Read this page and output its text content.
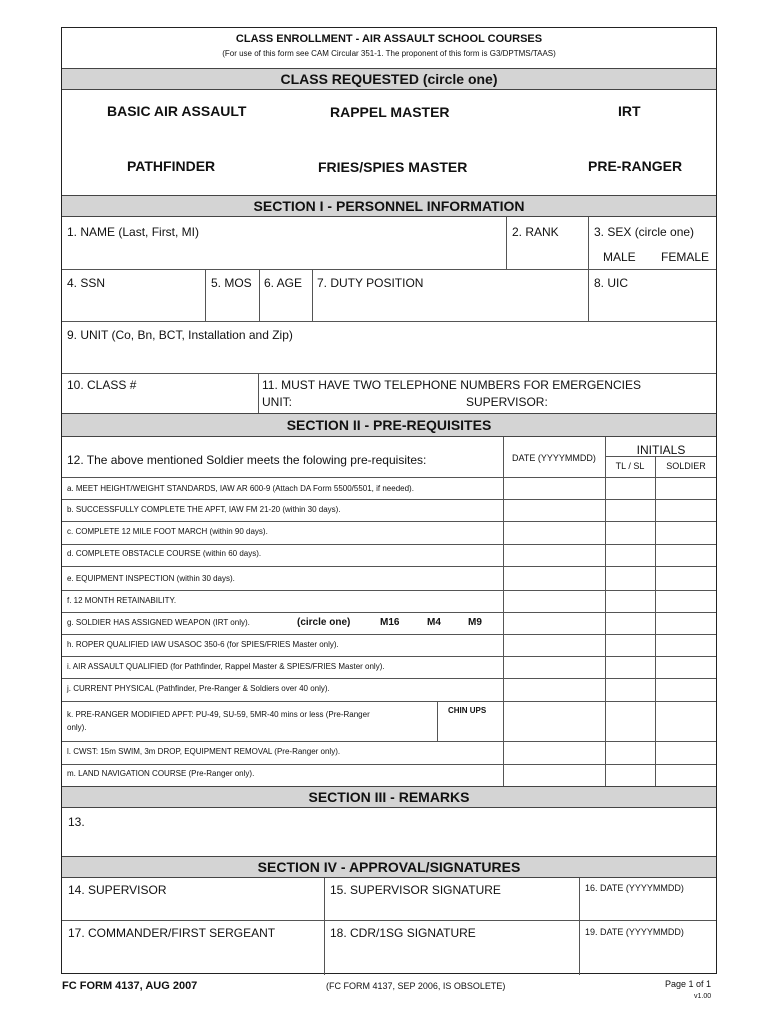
CLASS ENROLLMENT - AIR ASSAULT SCHOOL COURSES
(For use of this form see CAM Circular 351-1. The proponent of this form is G3/DPTMS/TAAS)
CLASS REQUESTED (circle one)
BASIC AIR ASSAULT	RAPPEL MASTER	IRT
PATHFINDER	FRIES/SPIES MASTER	PRE-RANGER
SECTION I - PERSONNEL INFORMATION
1. NAME (Last, First, MI)	2. RANK	3. SEX (circle one)
MALE FEMALE
4. SSN	5. MOS 6. AGE 7. DUTY POSITION	8. UIC
9. UNIT (Co, Bn, BCT, Installation and Zip)
10. CLASS #	11. MUST HAVE TWO TELEPHONE NUMBERS FOR EMERGENCIES
UNIT:	SUPERVISOR:
SECTION II - PRE-REQUISITES
12. The above mentioned Soldier meets the folowing pre-requisites:	DATE (YYYYMMDD)
INITIALS
TL / SL	SOLDIER
a. MEET HEIGHT/WEIGHT STANDARDS, IAW AR 600-9 (Attach DA Form 5500/5501, if needed).
b. SUCCESSFULLY COMPLETE THE APFT, IAW FM 21-20 (within 30 days).
c. COMPLETE 12 MILE FOOT MARCH (within 90 days).
d. COMPLETE OBSTACLE COURSE (within 60 days).
e. EQUIPMENT INSPECTION (within 30 days).
f. 12 MONTH RETAINABILITY.
g. SOLDIER HAS ASSIGNED WEAPON (IRT only).	(circle one)	M16	M4	M9
h. ROPER QUALIFIED IAW USASOC 350-6 (for SPIES/FRIES Master only).
i. AIR ASSAULT QUALIFIED (for Pathfinder, Rappel Master & SPIES/FRIES Master only).
j. CURRENT PHYSICAL (Pathfinder, Pre-Ranger & Soldiers over 40 only).
k. PRE-RANGER MODIFIED APFT: PU-49, SU-59, 5MR-40 mins or less (Pre-Ranger
only).
CHIN UPS
l. CWST: 15m SWIM, 3m DROP, EQUIPMENT REMOVAL (Pre-Ranger only).
m. LAND NAVIGATION COURSE (Pre-Ranger only).
SECTION III - REMARKS
13.
SECTION IV - APPROVAL/SIGNATURES
14. SUPERVISOR	15. SUPERVISOR SIGNATURE	16. DATE (YYYYMMDD)
17. COMMANDER/FIRST SERGEANT	18. CDR/1SG SIGNATURE	19. DATE (YYYYMMDD)
FC FORM 4137, AUG 2007	(FC FORM 4137, SEP 2006, IS OBSOLETE)	Page 1 of 1
v1.00
